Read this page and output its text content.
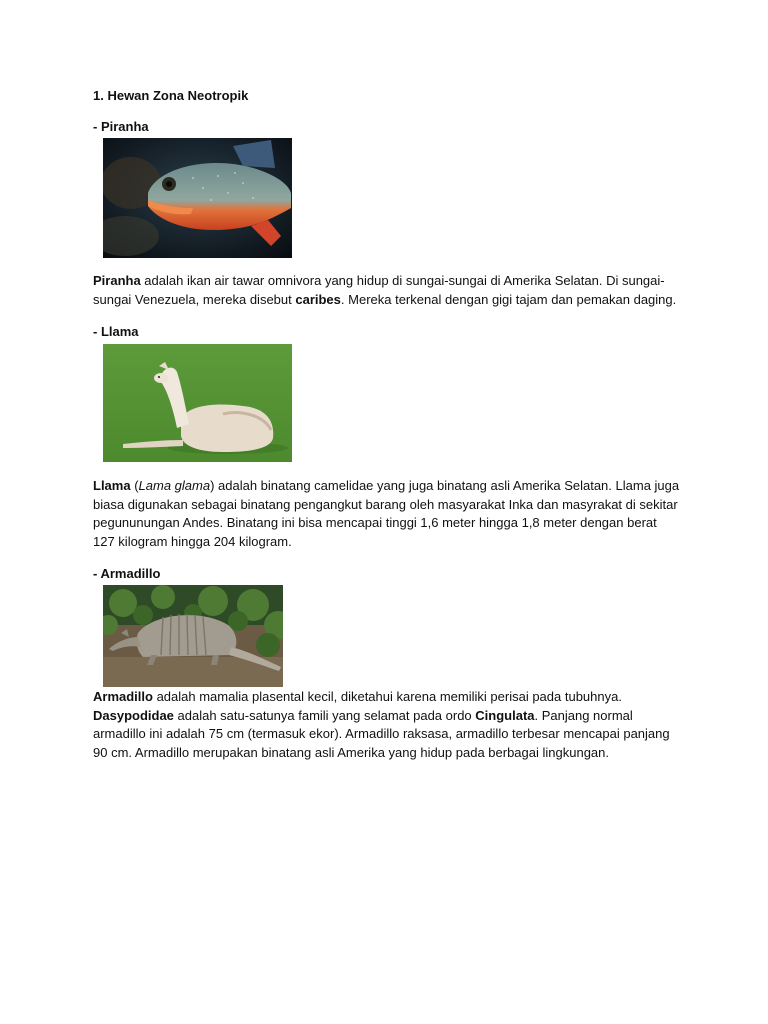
1. Hewan Zona Neotropik
- Piranha
Piranha adalah ikan air tawar omnivora yang hidup di sungai-sungai di Amerika Selatan. Di sungai-
sungai Venezuela, mereka disebut caribes. Mereka terkenal dengan gigi tajam dan pemakan daging.
- Llama
Llama (Lama glama) adalah binatang camelidae yang juga binatang asli Amerika Selatan. Llama juga
biasa digunakan sebagai binatang pengangkut barang oleh masyarakat Inka dan masyrakat di sekitar
pegununungan Andes. Binatang ini bisa mencapai tinggi 1,6 meter hingga 1,8 meter dengan berat
127 kilogram hingga 204 kilogram.
- Armadillo
Armadillo adalah mamalia plasental kecil, diketahui karena memiliki perisai pada tubuhnya.
Dasypodidae adalah satu-satunya famili yang selamat pada ordo Cingulata. Panjang normal
armadillo ini adalah 75 cm (termasuk ekor). Armadillo raksasa, armadillo terbesar mencapai panjang
90 cm. Armadillo merupakan binatang asli Amerika yang hidup pada berbagai lingkungan.
